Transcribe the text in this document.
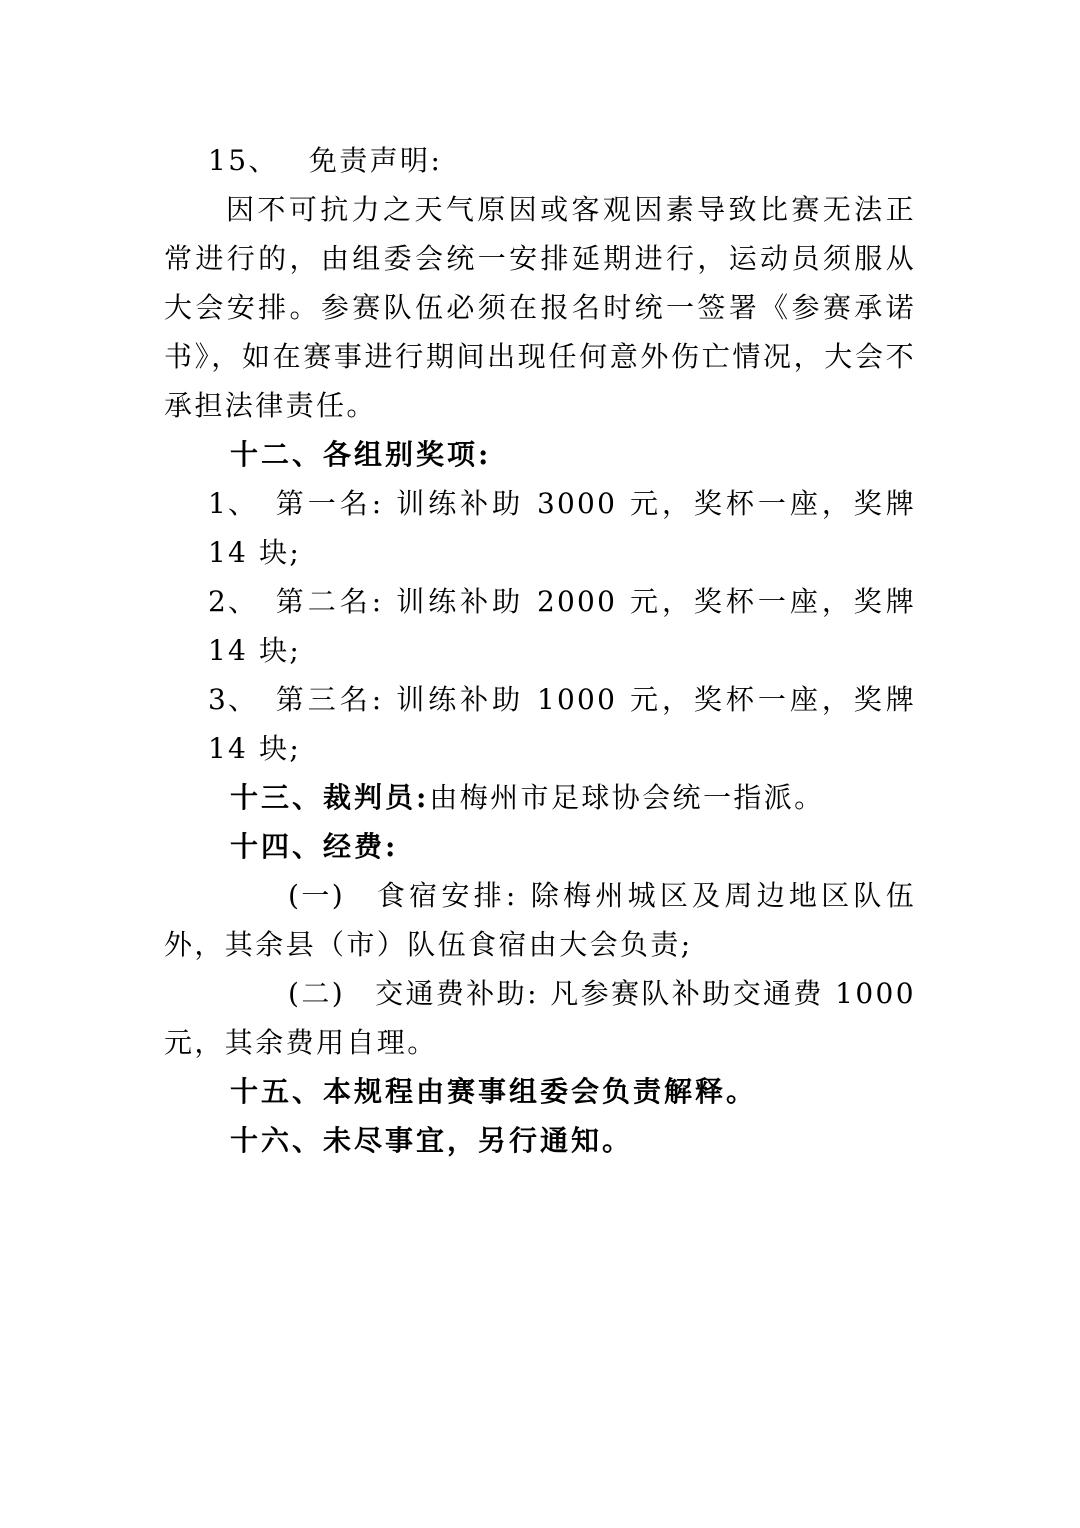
15、 免责声明:

因不可抗力之天气原因或客观因素导致比赛无法正常进行的，由组委会统一安排延期进行，运动员须服从大会安排。参赛队伍必须在报名时统一签署《参赛承诺书》，如在赛事进行期间出现任何意外伤亡情况，大会不承担法律责任。

十二、各组别奖项:

1、 第一名: 训练补助 3000 元，奖杯一座，奖牌 14 块;

2、 第二名: 训练补助 2000 元，奖杯一座，奖牌 14 块;

3、 第三名: 训练补助 1000 元，奖杯一座，奖牌 14 块;

十三、裁判员:由梅州市足球协会统一指派。

十四、经费:

(一) 食宿安排: 除梅州城区及周边地区队伍外，其余县（市）队伍食宿由大会负责;

(二) 交通费补助: 凡参赛队补助交通费 1000 元，其余费用自理。

十五、本规程由赛事组委会负责解释。

十六、未尽事宜，另行通知。
